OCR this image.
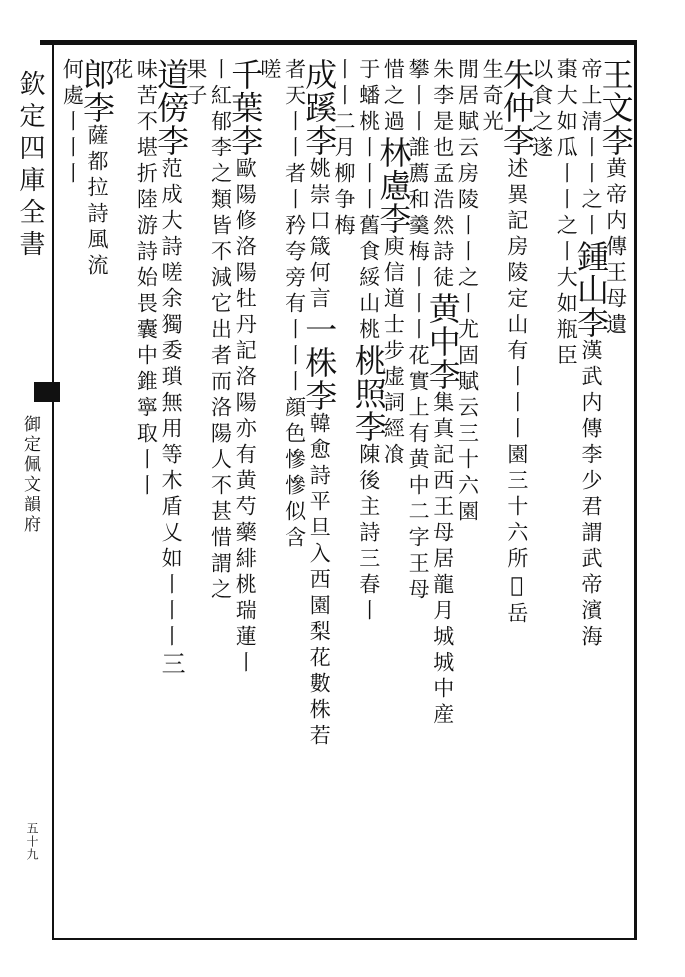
欽定四庫全書
御定佩文韻府
五十九
王文李黄帝内傳王母遺
帝上清丨丨之丨鍾山李漢武内傳李少君謂武帝濱海
棗大如瓜丨丨之丨大如瓶臣
以食之遂
朱仲李述異記房陵定山有丨丨丨園三十六所𠌐岳
生奇光
閒居賦云房陵丨丨之丨尤固賦云三十六園
朱李是也孟浩然詩徒黄中李集真記西王母居龍月城城中産
攀丨丨誰薦和羹梅丨丨丨花實上有黄中二字王母
惜之過林慮李庾信道士步虚詞經飡
于蟠桃丨丨丨舊食綏山桃桃照李陳後主詩三春丨
丨丨二月柳争梅
成蹊李姚崇口箴何言一株李韓愈詩平旦入西園梨花數株若
者天丨丨者丨矜夸旁有丨丨丨顔色慘慘似含
嗟
千葉李歐陽修洛陽牡丹記洛陽亦有黄芍藥緋桃瑞蓮丨
丨紅郁李之類皆不減它出者而洛陽人不甚惜謂之
果子
道傍李范成大詩嗟余獨委瑣無用等木盾乂如丨丨丨三
味苦不堪折陸游詩始畏囊中錐寧取丨丨
花
郎李薩都拉詩風流
何處丨丨丨
